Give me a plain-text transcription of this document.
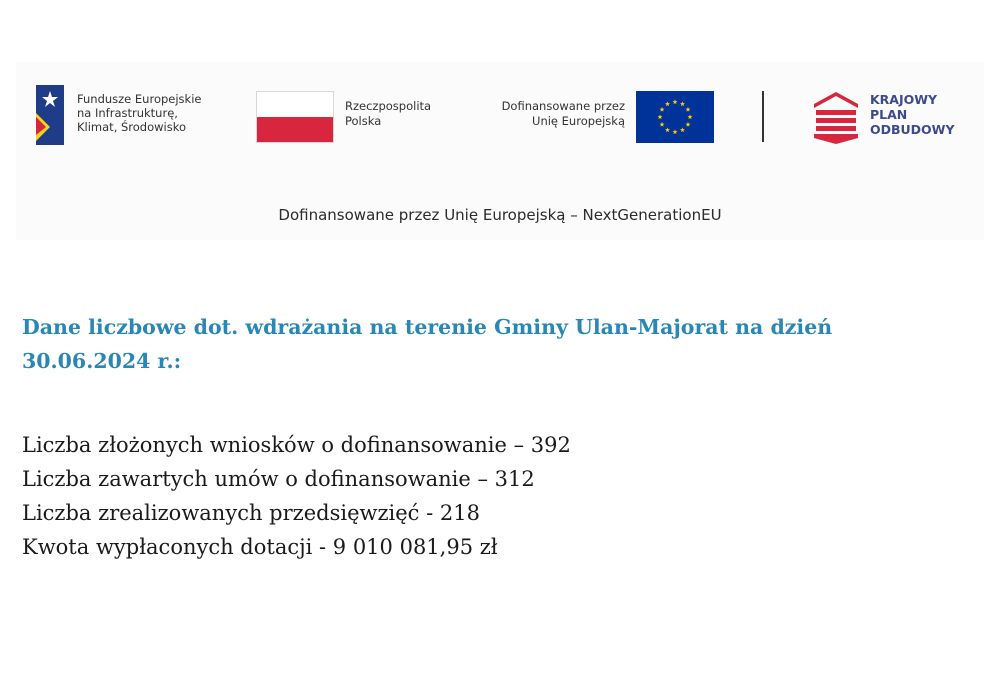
Fundusze Europejskie
na Infrastrukturę,
Klimat, Środowisko
Rzeczpospolita
Polska
Dofinansowane przez
Unię Europejską
KRAJOWY
PLAN
ODBUDOWY
Dofinansowane przez Unię Europejską – NextGenerationEU
Dane liczbowe dot. wdrażania na terenie Gminy Ulan-Majorat na dzień
30.06.2024 r.:
Liczba złożonych wniosków o dofinansowanie – 392
Liczba zawartych umów o dofinansowanie – 312
Liczba zrealizowanych przedsięwzięć - 218
Kwota wypłaconych dotacji - 9 010 081,95 zł
